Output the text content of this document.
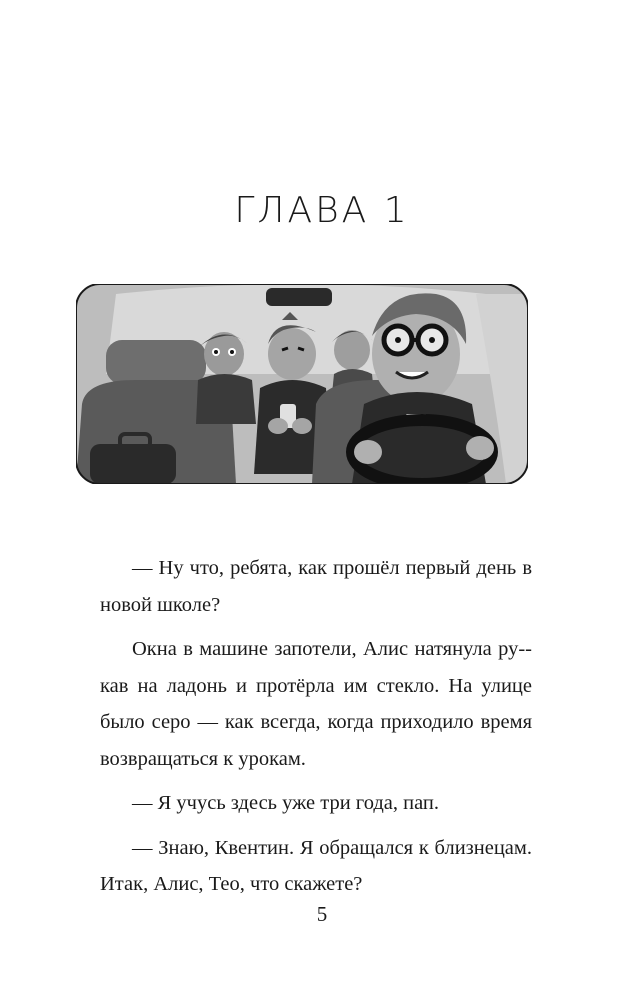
ГЛАВА 1

— Ну что, ребята, как прошёл первый день в новой школе?

Окна в машине запотели, Алис натянула ру-кав на ладонь и протёрла им стекло. На улице было серо — как всегда, когда приходило время возвращаться к урокам.

— Я учусь здесь уже три года, пап.

— Знаю, Квентин. Я обращался к близнецам. Итак, Алис, Тео, что скажете?

5
